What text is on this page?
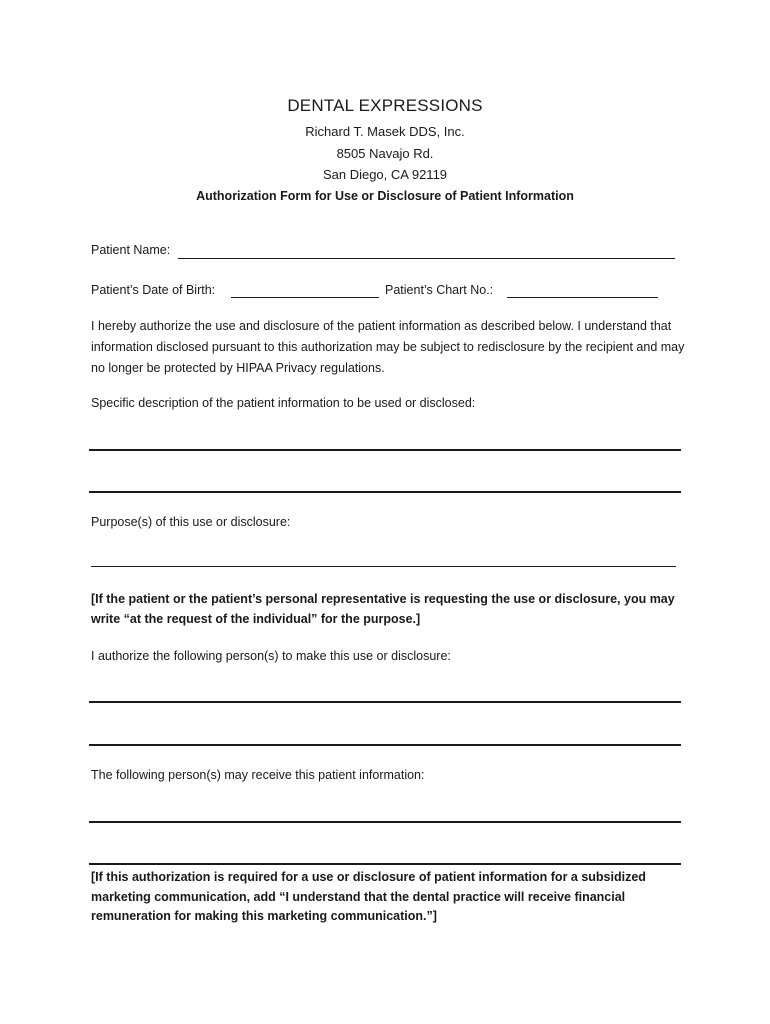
DENTAL EXPRESSIONS
Richard T. Masek DDS, Inc.
8505 Navajo Rd.
San Diego, CA 92119
Authorization Form for Use or Disclosure of Patient Information
Patient Name:
Patient’s Date of Birth:	Patient’s Chart No.:
I hereby authorize the use and disclosure of the patient information as described below. I understand that information disclosed pursuant to this authorization may be subject to redisclosure by the recipient and may no longer be protected by HIPAA Privacy regulations.
Specific description of the patient information to be used or disclosed:
Purpose(s) of this use or disclosure:
[If the patient or the patient’s personal representative is requesting the use or disclosure, you may write “at the request of the individual” for the purpose.]
I authorize the following person(s) to make this use or disclosure:
The following person(s) may receive this patient information:
[If this authorization is required for a use or disclosure of patient information for a subsidized marketing communication, add “I understand that the dental practice will receive financial remuneration for making this marketing communication.”]
